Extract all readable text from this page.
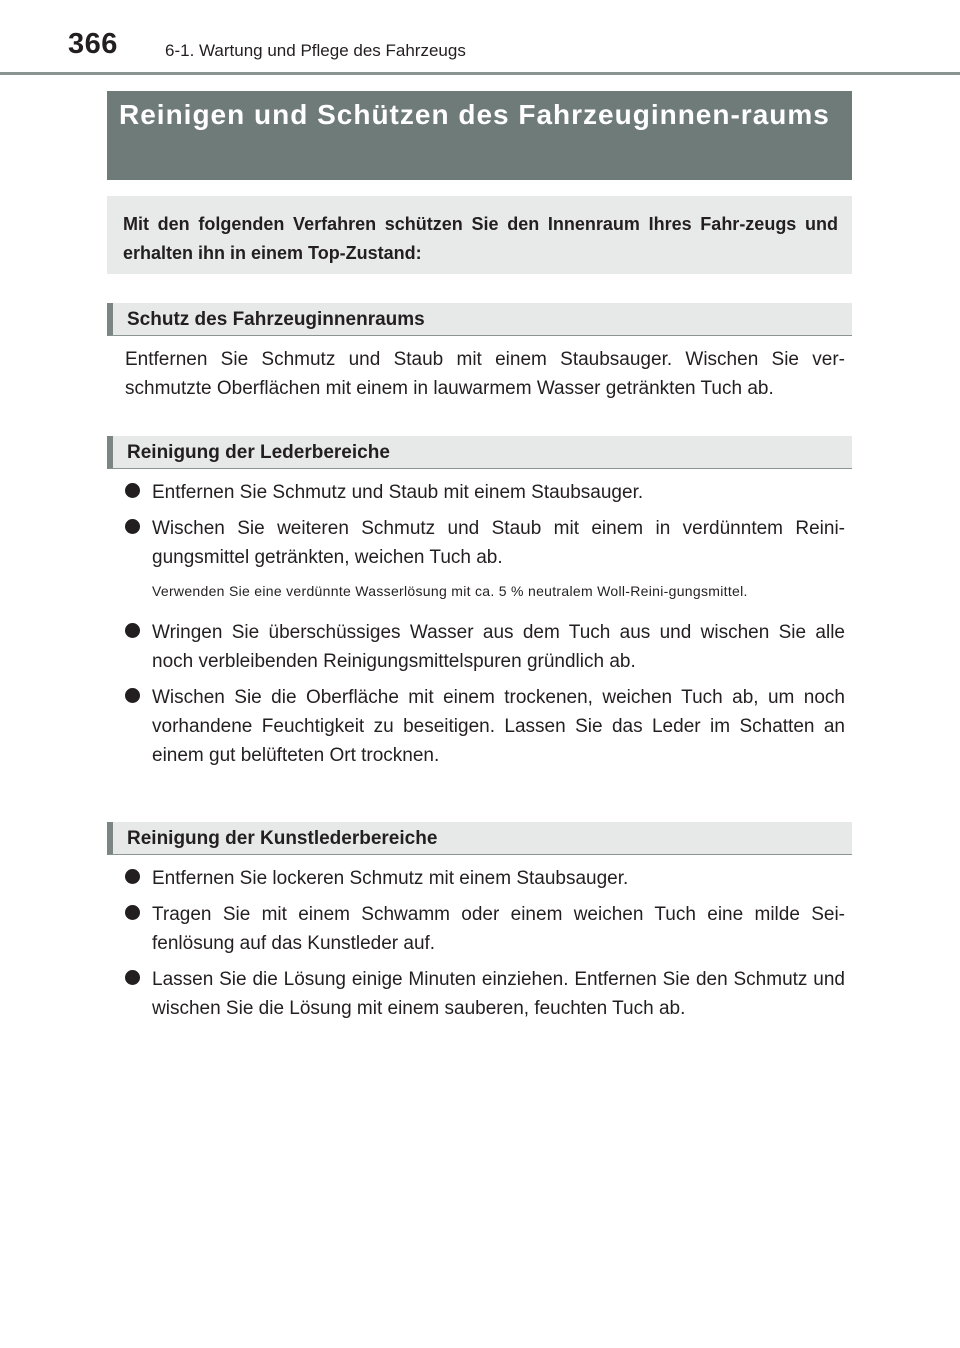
366	6-1. Wartung und Pflege des Fahrzeugs
Reinigen und Schützen des Fahrzeuginnen-raums
Mit den folgenden Verfahren schützen Sie den Innenraum Ihres Fahr-zeugs und erhalten ihn in einem Top-Zustand:
Schutz des Fahrzeuginnenraums
Entfernen Sie Schmutz und Staub mit einem Staubsauger. Wischen Sie ver-schmutzte Oberflächen mit einem in lauwarmem Wasser getränkten Tuch ab.
Reinigung der Lederbereiche
Entfernen Sie Schmutz und Staub mit einem Staubsauger.
Wischen Sie weiteren Schmutz und Staub mit einem in verdünntem Reini-gungsmittel getränkten, weichen Tuch ab.
Verwenden Sie eine verdünnte Wasserlösung mit ca. 5 % neutralem Woll-Reini-gungsmittel.
Wringen Sie überschüssiges Wasser aus dem Tuch aus und wischen Sie alle noch verbleibenden Reinigungsmittelspuren gründlich ab.
Wischen Sie die Oberfläche mit einem trockenen, weichen Tuch ab, um noch vorhandene Feuchtigkeit zu beseitigen. Lassen Sie das Leder im Schatten an einem gut belüfteten Ort trocknen.
Reinigung der Kunstlederbereiche
Entfernen Sie lockeren Schmutz mit einem Staubsauger.
Tragen Sie mit einem Schwamm oder einem weichen Tuch eine milde Sei-fenlösung auf das Kunstleder auf.
Lassen Sie die Lösung einige Minuten einziehen. Entfernen Sie den Schmutz und wischen Sie die Lösung mit einem sauberen, feuchten Tuch ab.
